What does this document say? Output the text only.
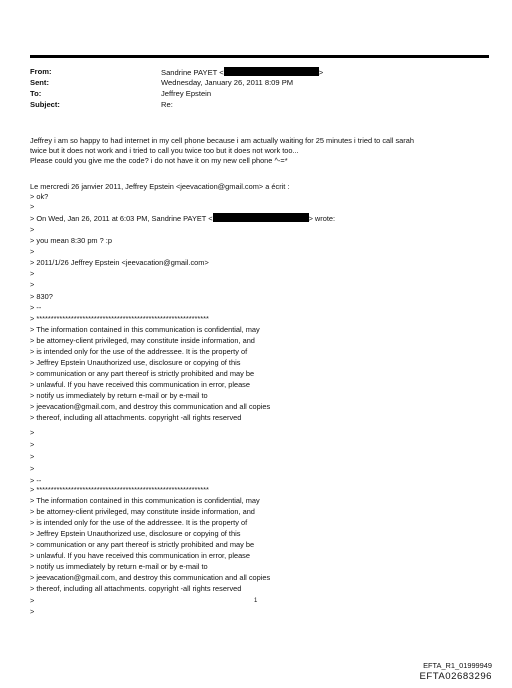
From:	Sandrine PAYET <	>
Sent:	Wednesday, January 26, 2011 8:09 PM
To:	Jeffrey Epstein
Subject:	Re:
Jeffrey i am so happy to had internet in my cell phone because i am actually waiting for 25 minutes i tried to call sarah
twice but it does not work and i tried to call you twice too but it does not work too...
Please could you give me the code? i do not have it on my new cell phone ^-=*
Le mercredi 26 janvier 2011, Jeffrey Epstein <jeevacation@gmail.com> a écrit :
> ok?
>
> On Wed, Jan 26, 2011 at 6:03 PM, Sandrine PAYET <	> wrote:
>
> you mean 8:30 pm ? :p
>
> 2011/1/26 Jeffrey Epstein <jeevacation@gmail.com>
>
>
> 830?
> --
> ************************************************************
> The information contained in this communication is confidential, may
> be attorney-client privileged, may constitute inside information, and
> is intended only for the use of the addressee. It is the property of
> Jeffrey Epstein Unauthorized use, disclosure or copying of this
> communication or any part thereof is strictly prohibited and may be
> unlawful. If you have received this communication in error, please
> notify us immediately by return e-mail or by e-mail to
> jeevacation@gmail.com, and destroy this communication and all copies
> thereof, including all attachments. copyright -all rights reserved
>
>
>
>
> --
> ************************************************************
> The information contained in this communication is confidential, may
> be attorney-client privileged, may constitute inside information, and
> is intended only for the use of the addressee. It is the property of
> Jeffrey Epstein Unauthorized use, disclosure or copying of this
> communication or any part thereof is strictly prohibited and may be
> unlawful. If you have received this communication in error, please
> notify us immediately by return e-mail or by e-mail to
> jeevacation@gmail.com, and destroy this communication and all copies
> thereof, including all attachments. copyright -all rights reserved
>
>
1
EFTA_R1_01999949
EFTA02683296
